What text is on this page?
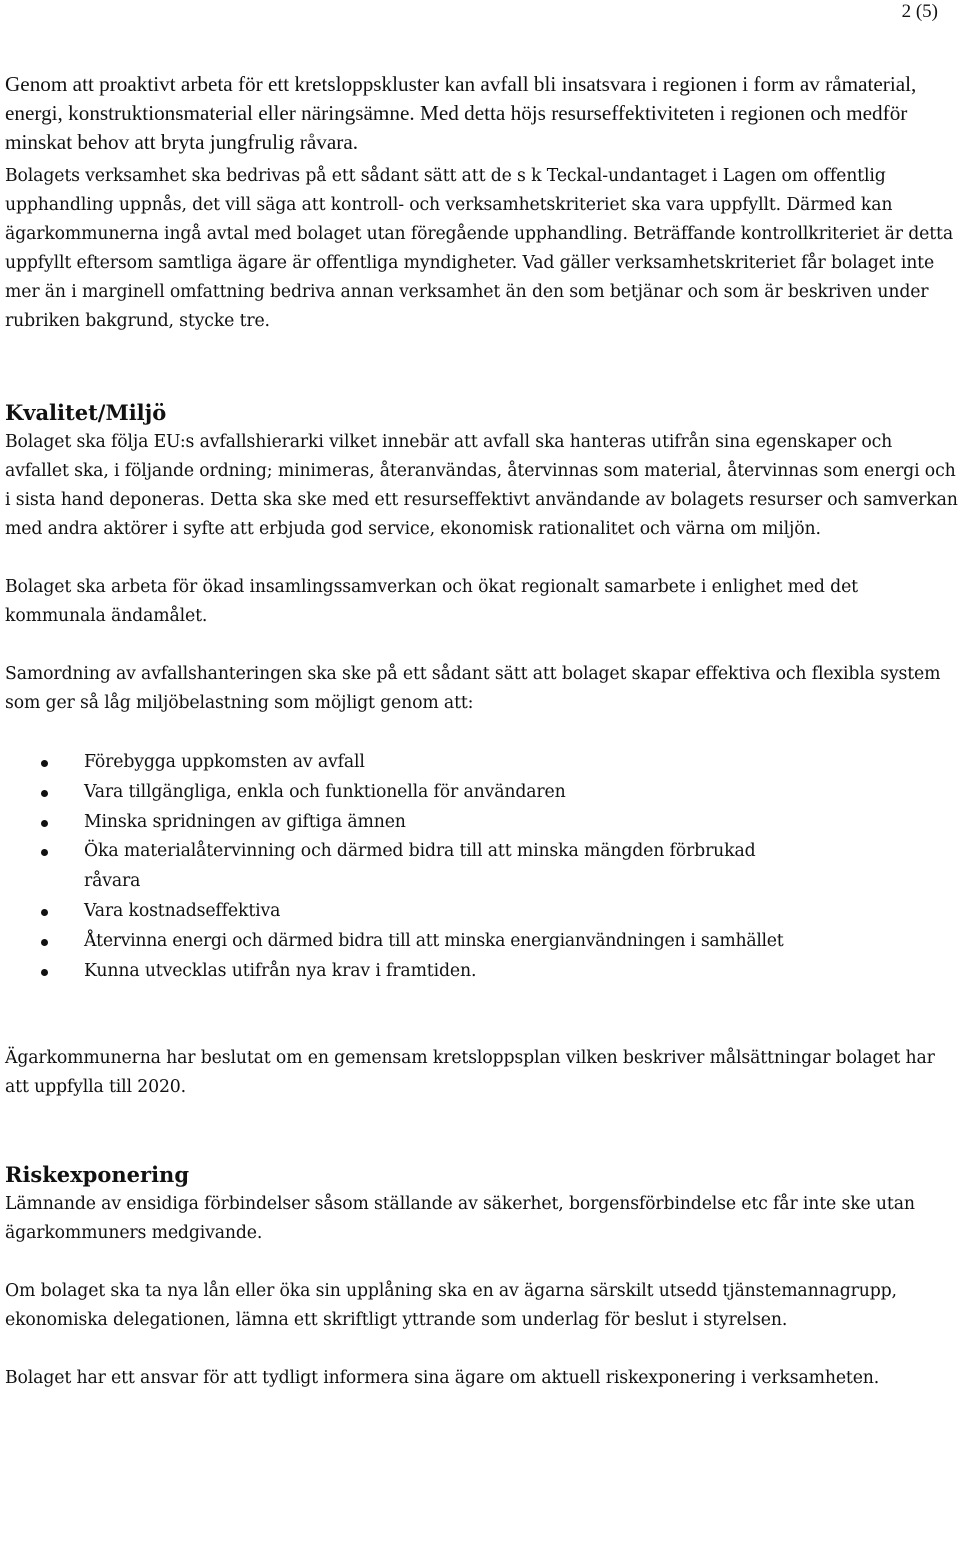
2 (5)

Genom att proaktivt arbeta för ett kretsloppskluster kan avfall bli insatsvara i regionen i form av råmaterial, energi, konstruktionsmaterial eller näringsämne. Med detta höjs resurseffektiviteten i regionen och medför minskat behov att bryta jungfrulig råvara.

Bolagets verksamhet ska bedrivas på ett sådant sätt att de s k Teckal-undantaget i Lagen om offentlig upphandling uppnås, det vill säga att kontroll- och verksamhetskriteriet ska vara uppfyllt. Därmed kan ägarkommunerna ingå avtal med bolaget utan föregående upphandling. Beträffande kontrollkriteriet är detta uppfyllt eftersom samtliga ägare är offentliga myndigheter. Vad gäller verksamhetskriteriet får bolaget inte mer än i marginell omfattning bedriva annan verksamhet än den som betjänar och som är beskriven under rubriken bakgrund, stycke tre.

Kvalitet/Miljö

Bolaget ska följa EU:s avfallshierarki vilket innebär att avfall ska hanteras utifrån sina egenskaper och avfallet ska, i följande ordning; minimeras, återanvändas, återvinnas som material, återvinnas som energi och i sista hand deponeras. Detta ska ske med ett resurseffektivt användande av bolagets resurser och samverkan med andra aktörer i syfte att erbjuda god service, ekonomisk rationalitet och värna om miljön.

Bolaget ska arbeta för ökad insamlingssamverkan och ökat regionalt samarbete i enlighet med det kommunala ändamålet.

Samordning av avfallshanteringen ska ske på ett sådant sätt att bolaget skapar effektiva och flexibla system som ger så låg miljöbelastning som möjligt genom att:

Förebygga uppkomsten av avfall
Vara tillgängliga, enkla och funktionella för användaren
Minska spridningen av giftiga ämnen
Öka materialåtervinning och därmed bidra till att minska mängden förbrukad råvara
Vara kostnadseffektiva
Återvinna energi och därmed bidra till att minska energianvändningen i samhället
Kunna utvecklas utifrån nya krav i framtiden.

Ägarkommunerna har beslutat om en gemensam kretsloppsplan vilken beskriver målsättningar bolaget har att uppfylla till 2020.

Riskexponering

Lämnande av ensidiga förbindelser såsom ställande av säkerhet, borgensförbindelse etc får inte ske utan ägarkommuners medgivande.

Om bolaget ska ta nya lån eller öka sin upplåning ska en av ägarna särskilt utsedd tjänstemannagrupp, ekonomiska delegationen, lämna ett skriftligt yttrande som underlag för beslut i styrelsen.

Bolaget har ett ansvar för att tydligt informera sina ägare om aktuell riskexponering i verksamheten.
